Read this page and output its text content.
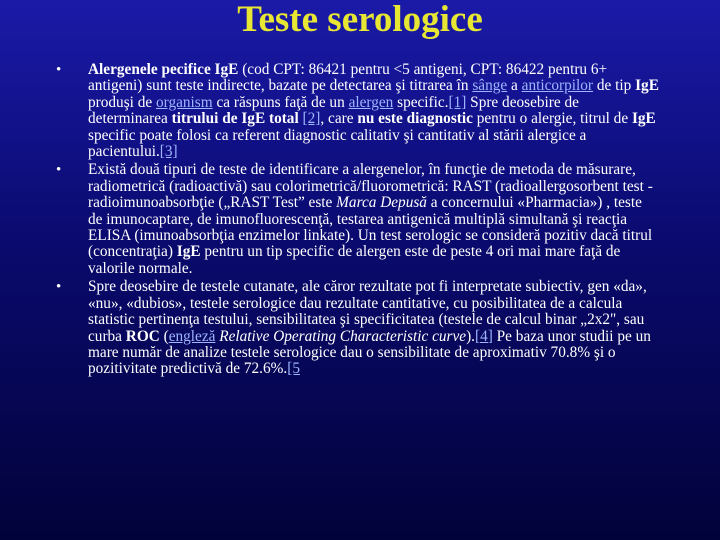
Teste serologice
• Alergenele pecifice IgE (cod CPT: 86421 pentru <5 antigeni, CPT: 86422 pentru 6+ antigeni) sunt teste indirecte, bazate pe detectarea şi titrarea în sânge a anticorpilor de tip IgE produşi de organism ca răspuns faţă de un alergen specific.[1] Spre deosebire de determinarea titrului de IgE total [2], care nu este diagnostic pentru o alergie, titrul de IgE specific poate folosi ca referent diagnostic calitativ şi cantitativ al stării alergice a pacientului.[3]
• Există două tipuri de teste de identificare a alergenelor, în funcţie de metoda de măsurare, radiometrică (radioactivă) sau colorimetrică/fluorometrică: RAST (radioallergosorbent test - radioimunoabsorbţie („RAST Test” este Marca Depusă a concernului «Pharmacia») , teste de imunocaptare, de imunofluorescenţă, testarea antigenică multiplă simultană şi reacţia ELISA (imunoabsorbţia enzimelor linkate). Un test serologic se consideră pozitiv dacă titrul (concentraţia) IgE pentru un tip specific de alergen este de peste 4 ori mai mare faţă de valorile normale.
• Spre deosebire de testele cutanate, ale căror rezultate pot fi interpretate subiectiv, gen «da», «nu», «dubios», testele serologice dau rezultate cantitative, cu posibilitatea de a calcula statistic pertinenţa testului, sensibilitatea şi specificitatea (testele de calcul binar „2x2", sau curba ROC (engleză Relative Operating Characteristic curve).[4] Pe baza unor studii pe un mare număr de analize testele serologice dau o sensibilitate de aproximativ 70.8% şi o pozitivitate predictivă de 72.6%.[5
